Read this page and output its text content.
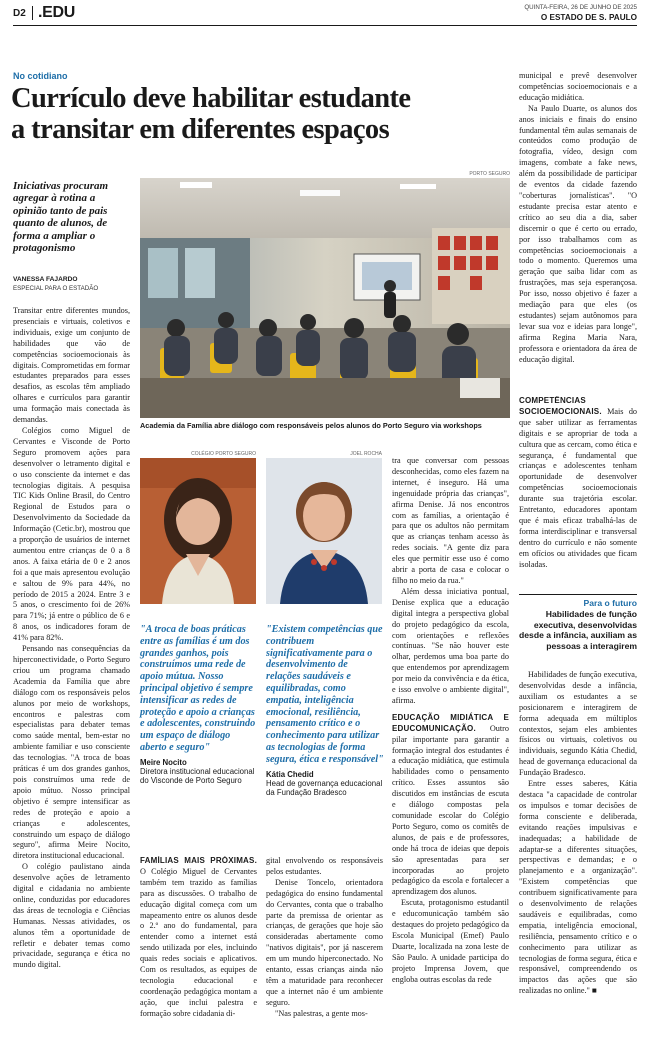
D2 .EDU	QUINTA-FEIRA, 26 DE JUNHO DE 2025
O ESTADO DE S. PAULO
No cotidiano
Currículo deve habilitar estudante
a transitar em diferentes espaços
Iniciativas procuram agregar à rotina a opinião tanto de pais quanto de alunos, de forma a ampliar o protagonismo
VANESSA FAJARDO
ESPECIAL PARA O ESTADÃO
PORTO SEGURO
Academia da Família abre diálogo com responsáveis pelos alunos do Porto Seguro via workshops

Transitar entre diferentes mundos, presenciais e virtuais, coletivos e individuais, exige um conjunto de habilidades que vão de competências socioemocionais às digitais. Comprometidas em formar estudantes preparados para esses desafios, as escolas têm ampliado olhares e currículos para garantir uma formação mais conectada às demandas.

Colégios como Miguel de Cervantes e Visconde de Porto Seguro promovem ações para desenvolver o letramento digital e o uso consciente da internet e das tecnologias digitais. A pesquisa TIC Kids Online Brasil, do Centro Regional de Estudos para o Desenvolvimento da Sociedade da Informação (Cetic.br), mostrou que a proporção de usuários de internet aumentou entre crianças de 0 a 8 anos. A faixa etária de 0 e 2 anos foi a que mais apresentou evolução e saltou de 9% para 44%, no período de 2015 a 2024. Entre 3 e 5 anos, o crescimento foi de 26% para 71%; já entre o público de 6 e 8 anos, os indicadores foram de 41% para 82%.

Pensando nas consequências da hiperconectividade, o Porto Seguro criou um programa chamado Academia da Família que abre diálogo com os responsáveis pelos alunos por meio de workshops, encontros e palestras com especialistas para debater temas como saúde mental, bem-estar no ambiente familiar e uso consciente das tecnologias. "A troca de boas práticas é um dos grandes ganhos, pois construímos uma rede de apoio mútuo. Nosso principal objetivo é sempre intensificar as redes de proteção e apoio a crianças e adolescentes, construindo um espaço de diálogo seguro", afirma Meire Nocito, diretora institucional educacional.

O colégio paulistano ainda desenvolve ações de letramento digital e cidadania no ambiente online, conduzidas por educadores das áreas de tecnologia e Ciências Humanas. Nessas atividades, os alunos têm a oportunidade de refletir e debater temas como privacidade, segurança e ética no mundo digital.

COLÉGIO PORTO SEGURO
"A troca de boas práticas entre as famílias é um dos grandes ganhos, pois construímos uma rede de apoio mútua. Nosso principal objetivo é sempre intensificar as redes de proteção e apoio a crianças e adolescentes, construindo um espaço de diálogo aberto e seguro"
Meire Nocito
Diretora institucional educacional do Visconde de Porto Seguro
JOEL ROCHA
"Existem competências que contribuem significativamente para o desenvolvimento de relações saudáveis e equilibradas, como empatia, inteligência emocional, resiliência, pensamento crítico e o conhecimento para utilizar as tecnologias de forma segura, ética e responsável"
Kátia Chedid
Head de governança educacional da Fundação Bradesco

FAMÍLIAS MAIS PRÓXIMAS. O Colégio Miguel de Cervantes também tem trazido as famílias para as discussões. O trabalho de educação digital começa com um mapeamento entre os alunos desde o 2.º ano do fundamental, para entender como a internet está sendo utilizada por eles, incluindo quais redes sociais e aplicativos. Com os resultados, as equipes de tecnologia educacional e coordenação pedagógica montam a ação, que inclui palestra e formação sobre cidadania di-

gital envolvendo os responsáveis pelos estudantes.

Denise Toncelo, orientadora pedagógica do ensino fundamental do Cervantes, conta que o trabalho parte da premissa de orientar as crianças, de gerações que hoje são consideradas abertamente como "nativos digitais", por já nascerem em um mundo hiperconectado. No entanto, essas crianças ainda não têm a maturidade para reconhecer que a internet não é um ambiente seguro.

"Nas palestras, a gente mos-

tra que conversar com pessoas desconhecidas, como eles fazem na internet, é inseguro. Há uma ingenuidade própria das crianças", afirma Denise. Já nos encontros com as famílias, a orientação é para que os adultos não permitam que as crianças tenham acesso às redes sociais. "A gente diz para eles que permitir esse uso é como abrir a porta de casa e colocar o filho no meio da rua."

Além dessa iniciativa pontual, Denise explica que a educação digital integra a perspectiva global do projeto pedagógico da escola, com orientações e reflexões contínuas. "Se não houver este olhar, perdemos uma boa parte do que entendemos por aprendizagem por meio da convivência e da ética, e isso envolve o ambiente digital", afirma.

EDUCAÇÃO MIDIÁTICA E EDUCOMUNICAÇÃO. Outro pilar importante para garantir a formação integral dos estudantes é a educação midiática, que estimula habilidades como o pensamento crítico. Esses assuntos são discutidos em instâncias de escuta e diálogo compostas pela comunidade escolar do Colégio Porto Seguro, como os comitês de alunos, de pais e de professores, onde há troca de ideias que depois são apresentadas para ser incorporadas ao projeto pedagógico da escola e fortalecer a aprendizagem dos alunos.

Escuta, protagonismo estudantil e educomunicação também são destaques do projeto pedagógico da Escola Municipal (Emef) Paulo Duarte, localizada na zona leste de São Paulo. A unidade participa do projeto Imprensa Jovem, que engloba outras escolas da rede

municipal e prevê desenvolver competências socioemocionais e a educação midiática.

Na Paulo Duarte, os alunos dos anos iniciais e finais do ensino fundamental têm aulas semanais de conteúdos como produção de fotografia, vídeo, design com imagens, combate a fake news, além da possibilidade de participar de eventos da cidade fazendo "coberturas jornalísticas". "O estudante precisa estar atento e crítico ao seu dia a dia, saber discernir o que é certo ou errado, por isso trabalhamos com as competências socioemocionais a todo o momento. Queremos uma geração que saiba lidar com as frustrações, mas seja esperançosa. Por isso, nosso objetivo é fazer a mediação para que eles (os estudantes) sejam autônomos para levar sua voz e ideias para longe", afirma Regina Maria Nara, professora e orientadora da área de educação digital.

COMPETÊNCIAS SOCIOEMOCIONAIS. Mais do que saber utilizar as ferramentas digitais e se apropriar de toda a cultura que as cercam, como ética e segurança, é fundamental que crianças e adolescentes tenham oportunidade de desenvolver competências socioemocionais durante sua trajetória escolar. Entretanto, educadores apontam que é mais eficaz trabalhá-las de forma interdisciplinar e transversal dentro do currículo e não somente em ofícios ou atividades que ficam isoladas.

Para o futuro
Habilidades de função executiva, desenvolvidas desde a infância, auxiliam as pessoas a interagirem

Habilidades de função executiva, desenvolvidas desde a infância, auxiliam os estudantes a se posicionarem e interagirem de forma adequada em múltiplos contextos, sejam eles ambientes físicos ou virtuais, coletivos ou individuais, segundo Kátia Chedid, head de governança educacional da Fundação Bradesco.

Entre esses saberes, Kátia destaca "a capacidade de controlar os impulsos e tomar decisões de forma consciente e deliberada, evitando reações impulsivas e inadequadas; a habilidade de adaptar-se a diferentes situações, perspectivas e demandas; e o planejamento e a organização". "Existem competências que contribuem significativamente para o desenvolvimento de relações saudáveis e equilibradas, como empatia, inteligência emocional, resiliência, pensamento crítico e o conhecimento para utilizar as tecnologias de forma segura, ética e responsável, compreendendo os impactos das ações que são realizadas no online." ■
